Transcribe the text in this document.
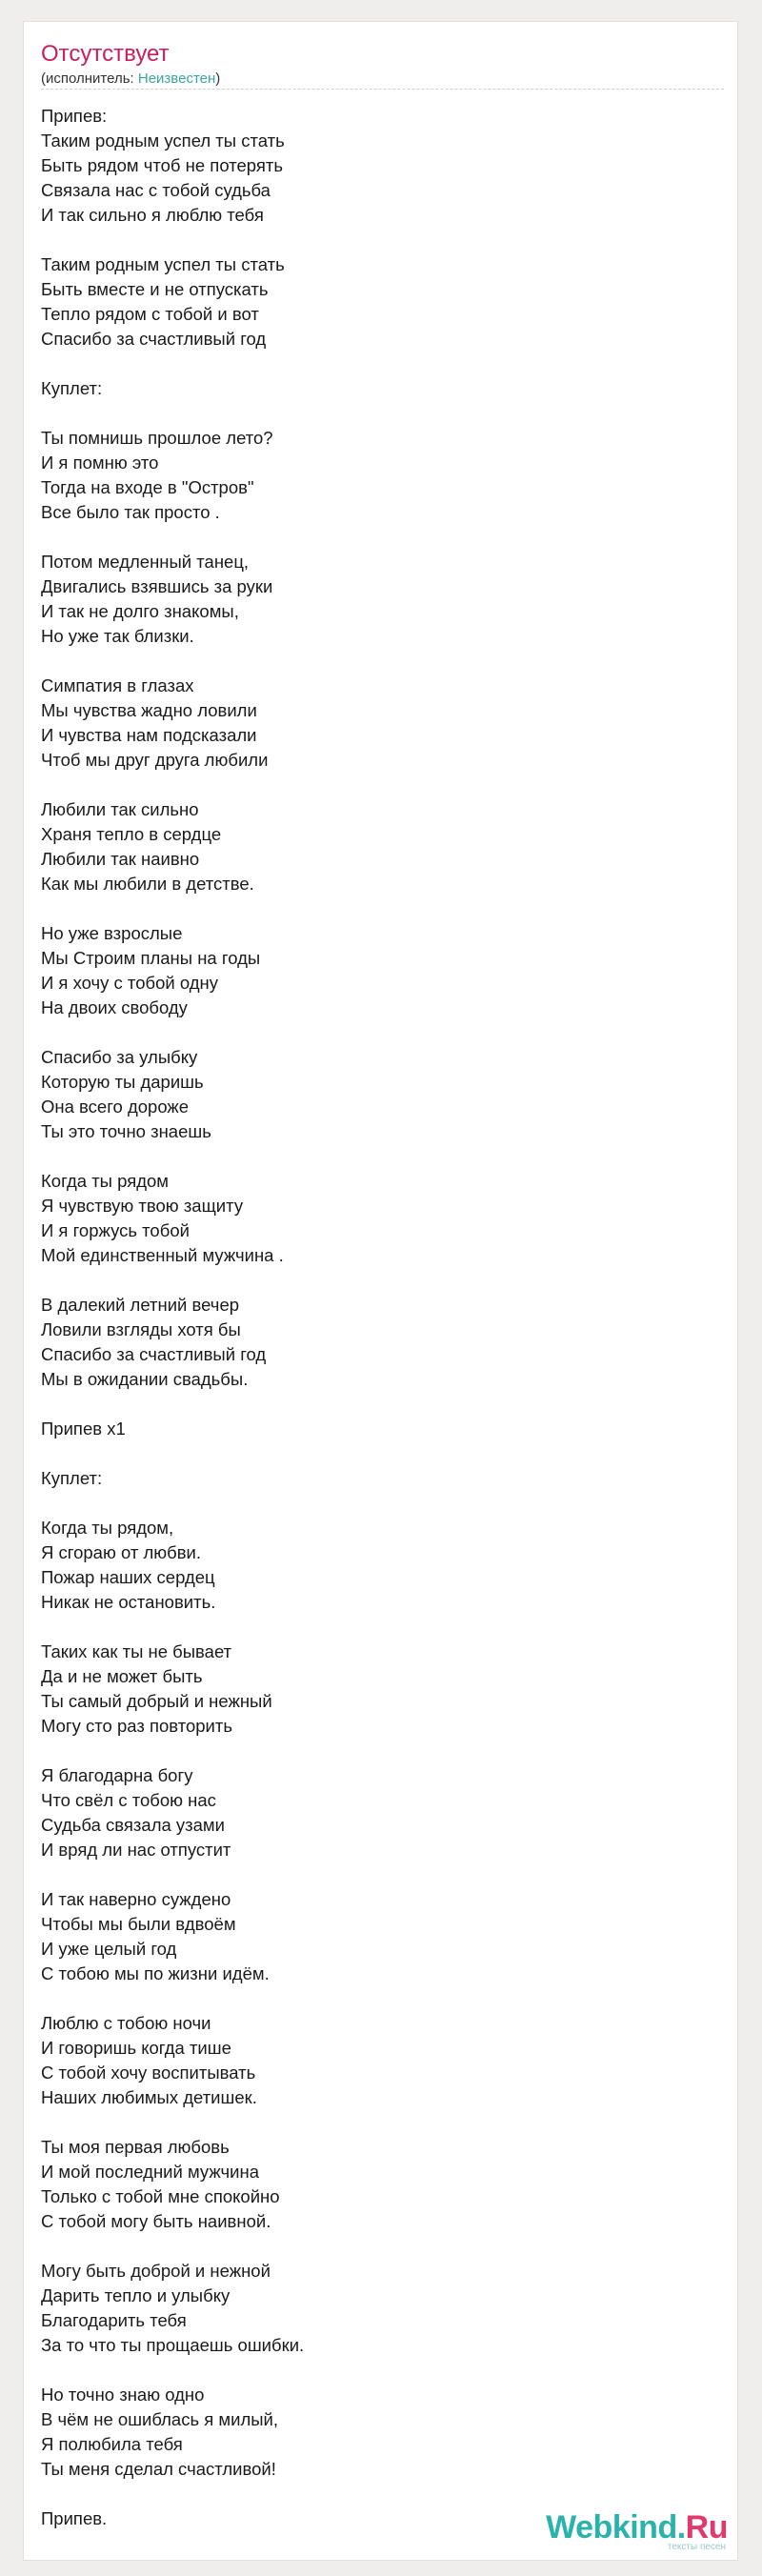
Отсутствует
(исполнитель: Неизвестен)
Припев:
Таким родным успел ты стать
Быть рядом чтоб не потерять
Связала нас с тобой судьба
И так сильно я люблю тебя
Таким родным успел ты стать
Быть вместе и не отпускать
Тепло рядом с тобой и вот
Спасибо за счастливый год
Куплет:
Ты помнишь прошлое лето?
И я помню это
Тогда на входе в "Остров"
Все было так просто .
Потом медленный танец,
Двигались взявшись за руки
И так не долго знакомы,
Но уже так близки.
Симпатия в глазах
Мы чувства жадно ловили
И чувства нам подсказали
Чтоб мы друг друга любили
Любили так сильно
Храня тепло в сердце
Любили так наивно
Как мы любили в детстве.
Но уже взрослые
Мы Строим планы на годы
И я хочу с тобой одну
На двоих свободу
Спасибо за улыбку
Которую ты даришь
Она всего дороже
Ты это точно знаешь
Когда ты рядом
Я чувствую твою защиту
И я горжусь тобой
Мой единственный мужчина .
В далекий летний вечер
Ловили взгляды хотя бы
Спасибо за счастливый год
Мы в ожидании свадьбы.
Припев х1
Куплет:
Когда ты рядом,
Я сгораю от любви.
Пожар наших сердец
Никак не остановить.
Таких как ты не бывает
Да и не может быть
Ты самый добрый и нежный
Могу сто раз повторить
Я благодарна богу
Что свёл с тобою нас
Судьба связала узами
И вряд ли нас отпустит
И так наверно суждено
Чтобы мы были вдвоём
И уже целый год
С тобою мы по жизни идём.
Люблю с тобою ночи
И говоришь когда тише
С тобой хочу воспитывать
Наших любимых детишек.
Ты моя первая любовь
И мой последний мужчина
Только с тобой мне спокойно
С тобой могу быть наивной.
Могу быть доброй и нежной
Дарить тепло и улыбку
Благодарить тебя
За то что ты прощаешь ошибки.
Но точно знаю одно
В чём не ошиблась я милый,
Я полюбила тебя
Ты меня сделал счастливой!
Припев.	Webkind.Ru
тексты песен
